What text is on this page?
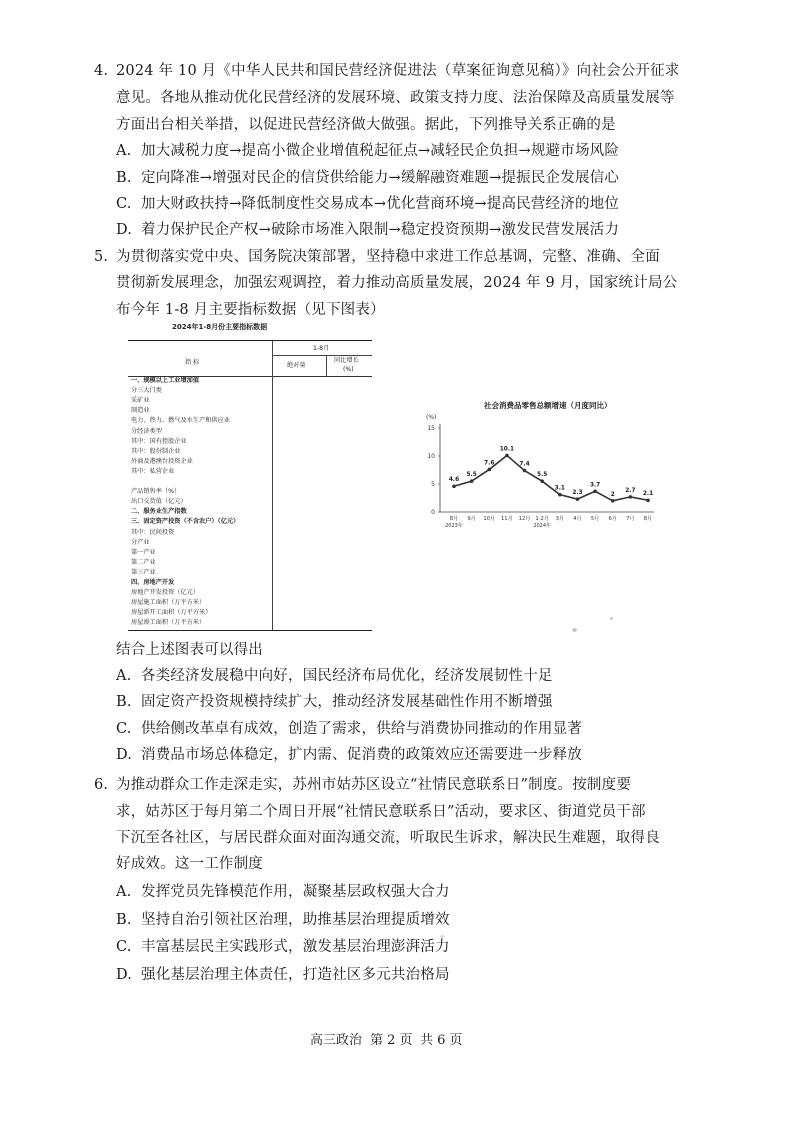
4. 2024 年 10 月《中华人民共和国民营经济促进法（草案征询意见稿）》向社会公开征求
意见。各地从推动优化民营经济的发展环境、政策支持力度、法治保障及高质量发展等
方面出台相关举措，以促进民营经济做大做强。据此，下列推导关系正确的是
A. 加大减税力度→提高小微企业增值税起征点→减轻民企负担→规避市场风险
B. 定向降准→增强对民企的信贷供给能力→缓解融资难题→提振民企发展信心
C. 加大财政扶持→降低制度性交易成本→优化营商环境→提高民营经济的地位
D. 着力保护民企产权→破除市场准入限制→稳定投资预期→激发民营发展活力
5. 为贯彻落实党中央、国务院决策部署，坚持稳中求进工作总基调，完整、准确、全面
贯彻新发展理念，加强宏观调控，着力推动高质量发展，2024 年 9 月，国家统计局公
布今年 1-8 月主要指标数据（见下图表）
2024年1-8月份主要指标数据
1-8月
指 标	绝对量
同比增长
(%)
一、规模以上工业增加值
分三大门类
采矿业
制造业
电力、热力、燃气及水生产和供应业
分经济类型
其中：国有控股企业
其中：股份制企业
外商及港澳台投资企业
其中：私营企业
产品销售率（%）
出口交货值（亿元）
二、服务业生产指数
三、固定资产投资（不含农户）（亿元）
其中：民间投资
分产业
第一产业
第二产业
第三产业
四、房地产开发
房地产开发投资（亿元）
房屋施工面积（万平方米）
房屋新开工面积（万平方米）
房屋竣工面积（万平方米）
社会消费品零售总额增速（月度同比）
(%)
0
5
10
15
4.6
8月
5.5
9月
7.6
10月
10.1
11月
7.4
12月
5.5
1-2月
3.1
3月
2.3
4月
3.7
5月
2
6月
2.7
7月
2.1
8月
2023年	2024年
结合上述图表可以得出
A. 各类经济发展稳中向好，国民经济布局优化，经济发展韧性十足
B. 固定资产投资规模持续扩大，推动经济发展基础性作用不断增强
C. 供给侧改革卓有成效，创造了需求，供给与消费协同推动的作用显著
D. 消费品市场总体稳定，扩内需、促消费的政策效应还需要进一步释放
6. 为推动群众工作走深走实，苏州市姑苏区设立“社情民意联系日”制度。按制度要
求，姑苏区于每月第二个周日开展“社情民意联系日”活动，要求区、街道党员干部
下沉至各社区，与居民群众面对面沟通交流，听取民生诉求，解决民生难题，取得良
好成效。这一工作制度
A. 发挥党员先锋模范作用，凝聚基层政权强大合力
B. 坚持自治引领社区治理，助推基层治理提质增效
C. 丰富基层民主实践形式，激发基层治理澎湃活力
D. 强化基层治理主体责任，打造社区多元共治格局
高三政治 第 2 页 共 6 页
